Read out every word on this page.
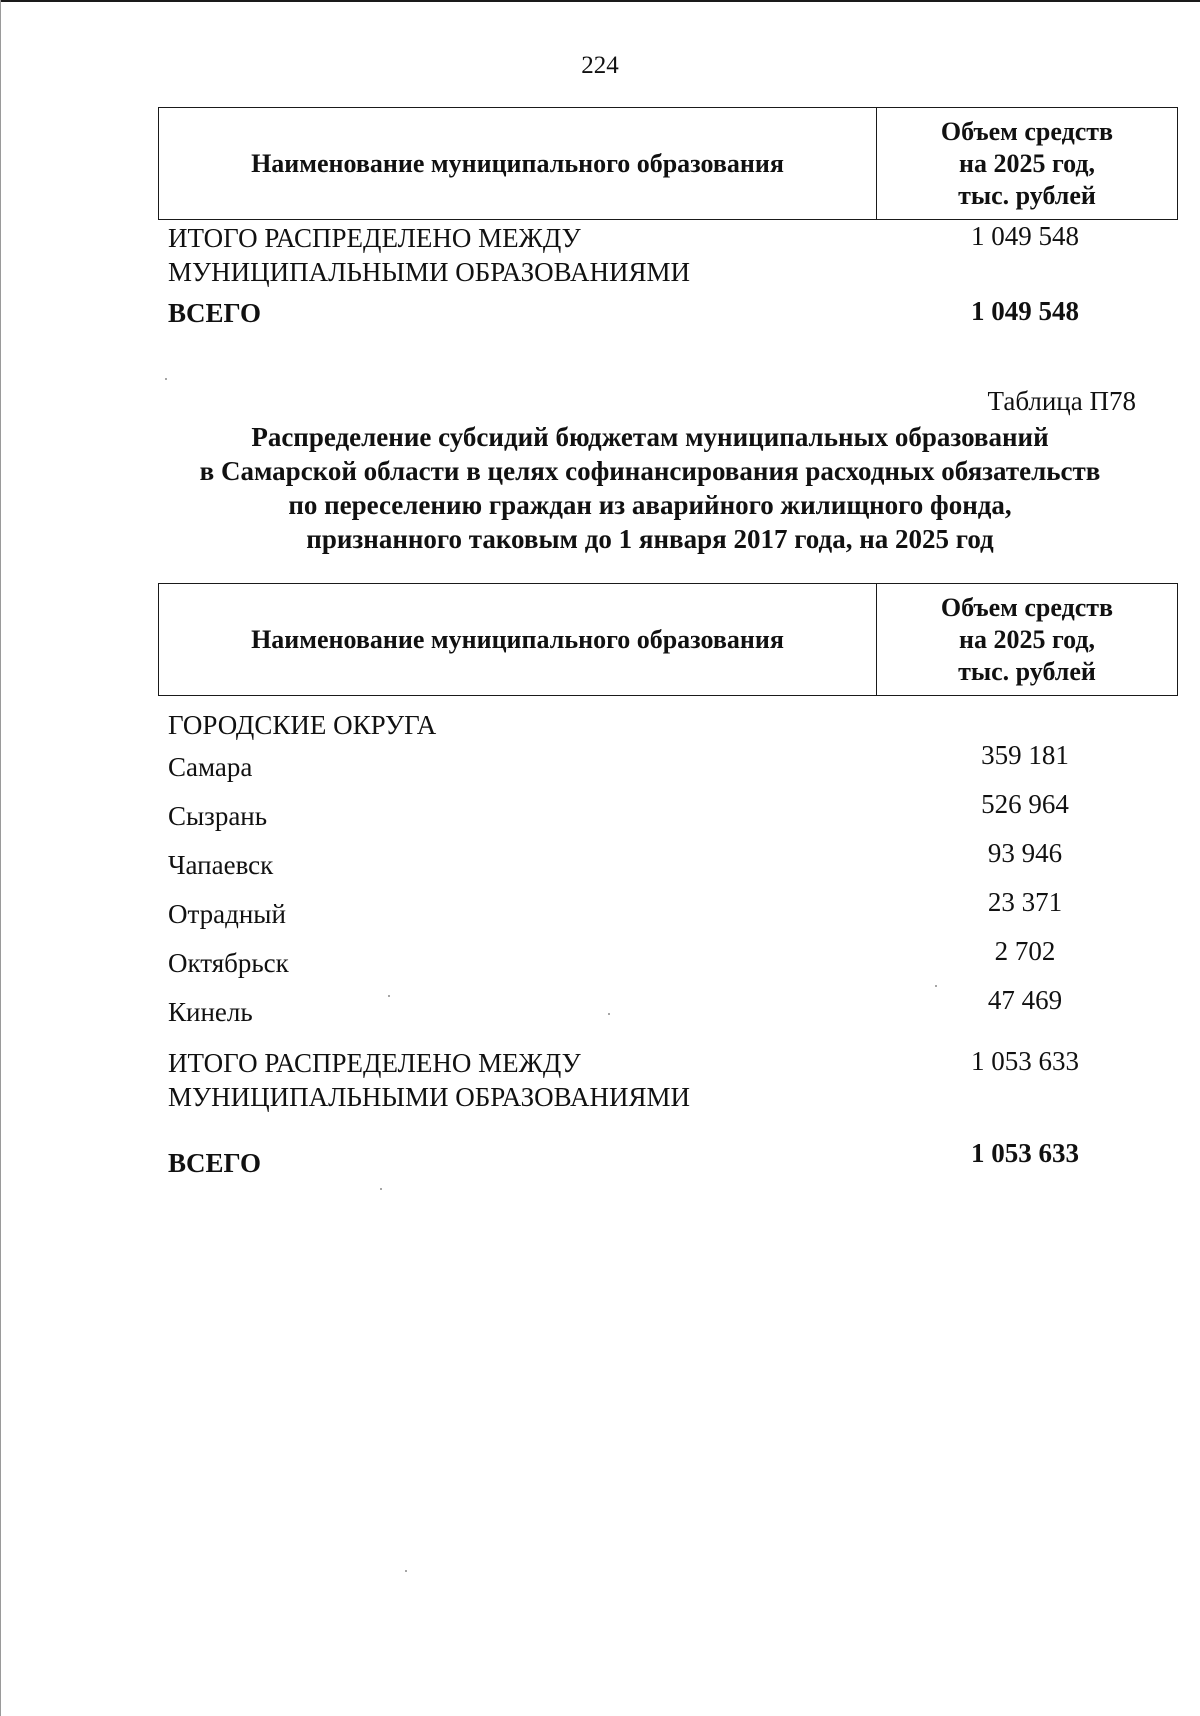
224
Наименование муниципального образования
Объем средств
на 2025 год,
тыс. рублей
ИТОГО РАСПРЕДЕЛЕНО МЕЖДУ
МУНИЦИПАЛЬНЫМИ ОБРАЗОВАНИЯМИ
1 049 548
ВСЕГО	1 049 548
Таблица П78
Распределение субсидий бюджетам муниципальных образований
в Самарской области в целях софинансирования расходных обязательств
по переселению граждан из аварийного жилищного фонда,
признанного таковым до 1 января 2017 года, на 2025 год
Наименование муниципального образования
Объем средств
на 2025 год,
тыс. рублей
ГОРОДСКИЕ ОКРУГА
Самара	359 181
Сызрань	526 964
Чапаевск	93 946
Отрадный	23 371
Октябрьск	2 702
Кинель	47 469
ИТОГО РАСПРЕДЕЛЕНО МЕЖДУ
МУНИЦИПАЛЬНЫМИ ОБРАЗОВАНИЯМИ
1 053 633
ВСЕГО	1 053 633
